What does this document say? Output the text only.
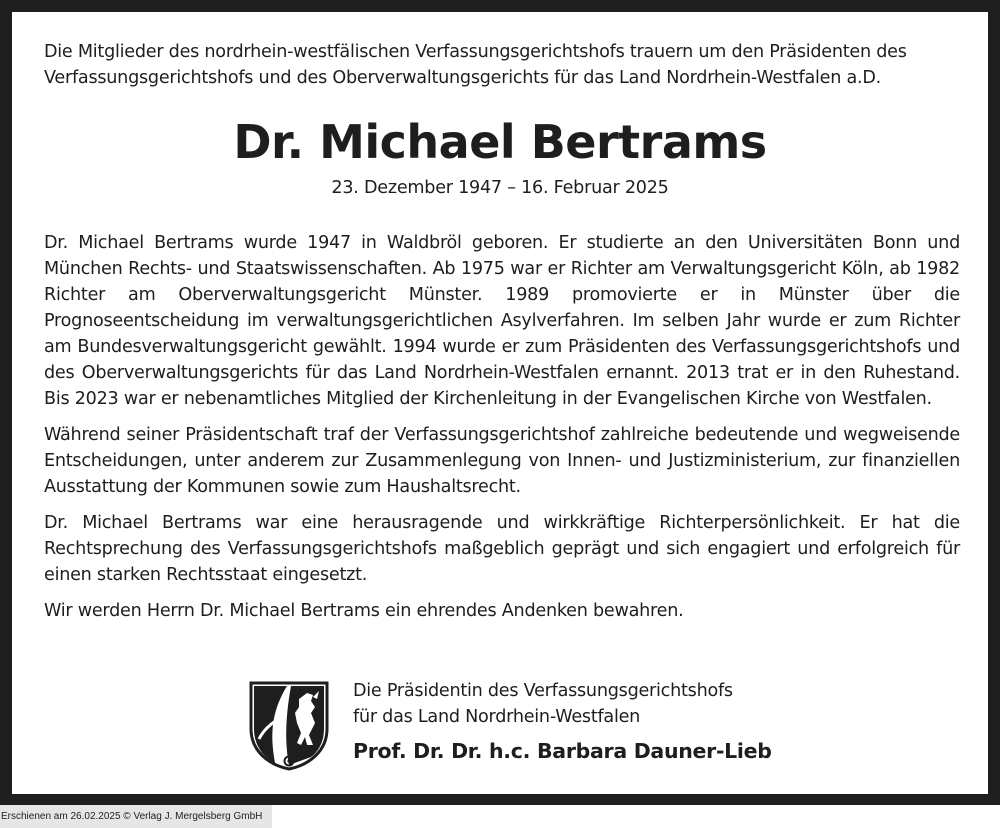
Die Mitglieder des nordrhein-westfälischen Verfassungsgerichtshofs trauern um den Präsidenten des Verfassungsgerichtshofs und des Oberverwaltungsgerichts für das Land Nordrhein-Westfalen a.D.

Dr. Michael Bertrams

23. Dezember 1947 – 16. Februar 2025

Dr. Michael Bertrams wurde 1947 in Waldbröl geboren. Er studierte an den Universitäten Bonn und München Rechts- und Staatswissenschaften. Ab 1975 war er Richter am Verwaltungsgericht Köln, ab 1982 Richter am Oberverwaltungsgericht Münster. 1989 promovierte er in Münster über die Prognoseentscheidung im verwaltungsgerichtlichen Asylverfahren. Im selben Jahr wurde er zum Richter am Bundesverwaltungsgericht gewählt. 1994 wurde er zum Präsidenten des Verfassungsgerichtshofs und des Oberverwaltungsgerichts für das Land Nordrhein-Westfalen ernannt. 2013 trat er in den Ruhestand. Bis 2023 war er nebenamtliches Mitglied der Kirchenleitung in der Evangelischen Kirche von Westfalen.

Während seiner Präsidentschaft traf der Verfassungsgerichtshof zahlreiche bedeutende und wegweisende Entscheidungen, unter anderem zur Zusammenlegung von Innen- und Justizministerium, zur finanziellen Ausstattung der Kommunen sowie zum Haushaltsrecht.

Dr. Michael Bertrams war eine herausragende und wirkkräftige Richterpersönlichkeit. Er hat die Rechtsprechung des Verfassungsgerichtshofs maßgeblich geprägt und sich engagiert und erfolgreich für einen starken Rechtsstaat eingesetzt.

Wir werden Herrn Dr. Michael Bertrams ein ehrendes Andenken bewahren.

Die Präsidentin des Verfassungsgerichtshofs
für das Land Nordrhein-Westfalen
Prof. Dr. Dr. h.c. Barbara Dauner-Lieb
Erschienen am 26.02.2025 © Verlag J. Mergelsberg GmbH
